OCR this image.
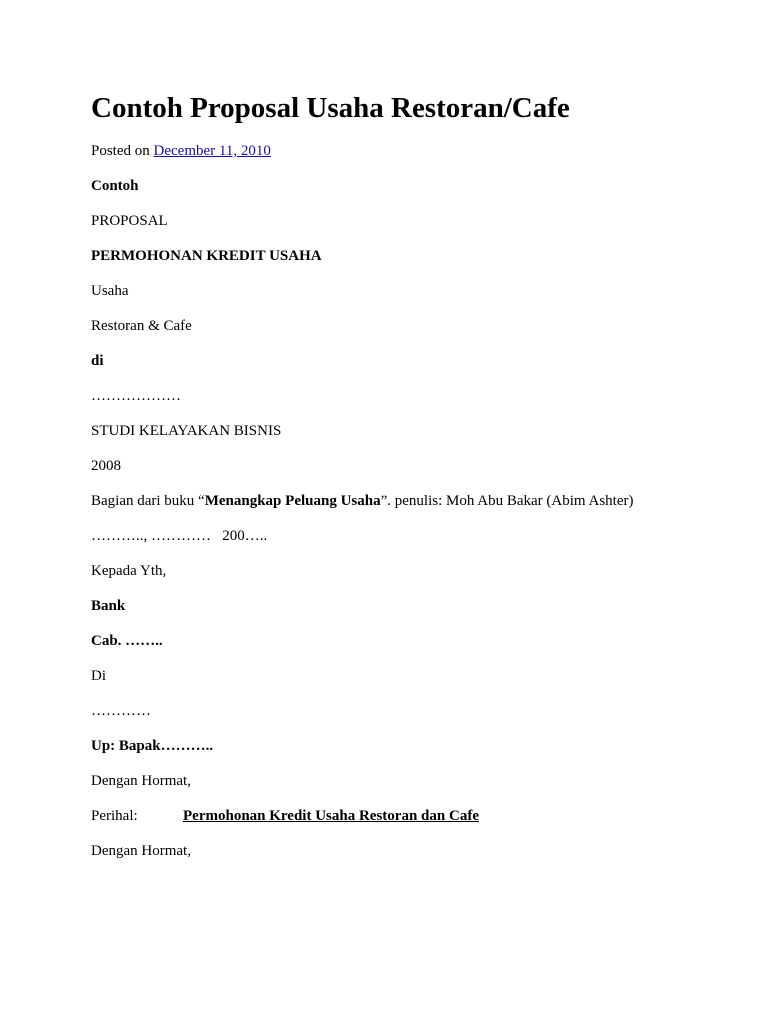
Contoh Proposal Usaha Restoran/Cafe

Posted on December 11, 2010

Contoh

PROPOSAL

PERMOHONAN KREDIT USAHA

Usaha

Restoran & Cafe

di

………………

STUDI KELAYAKAN BISNIS

2008

Bagian dari buku “Menangkap Peluang Usaha”. penulis: Moh Abu Bakar (Abim Ashter)

……….., …………   200…..

Kepada Yth,

Bank

Cab. ……..

Di

…………

Up: Bapak………..

Dengan Hormat,

Perihal:	Permohonan Kredit Usaha Restoran dan Cafe

Dengan Hormat,
